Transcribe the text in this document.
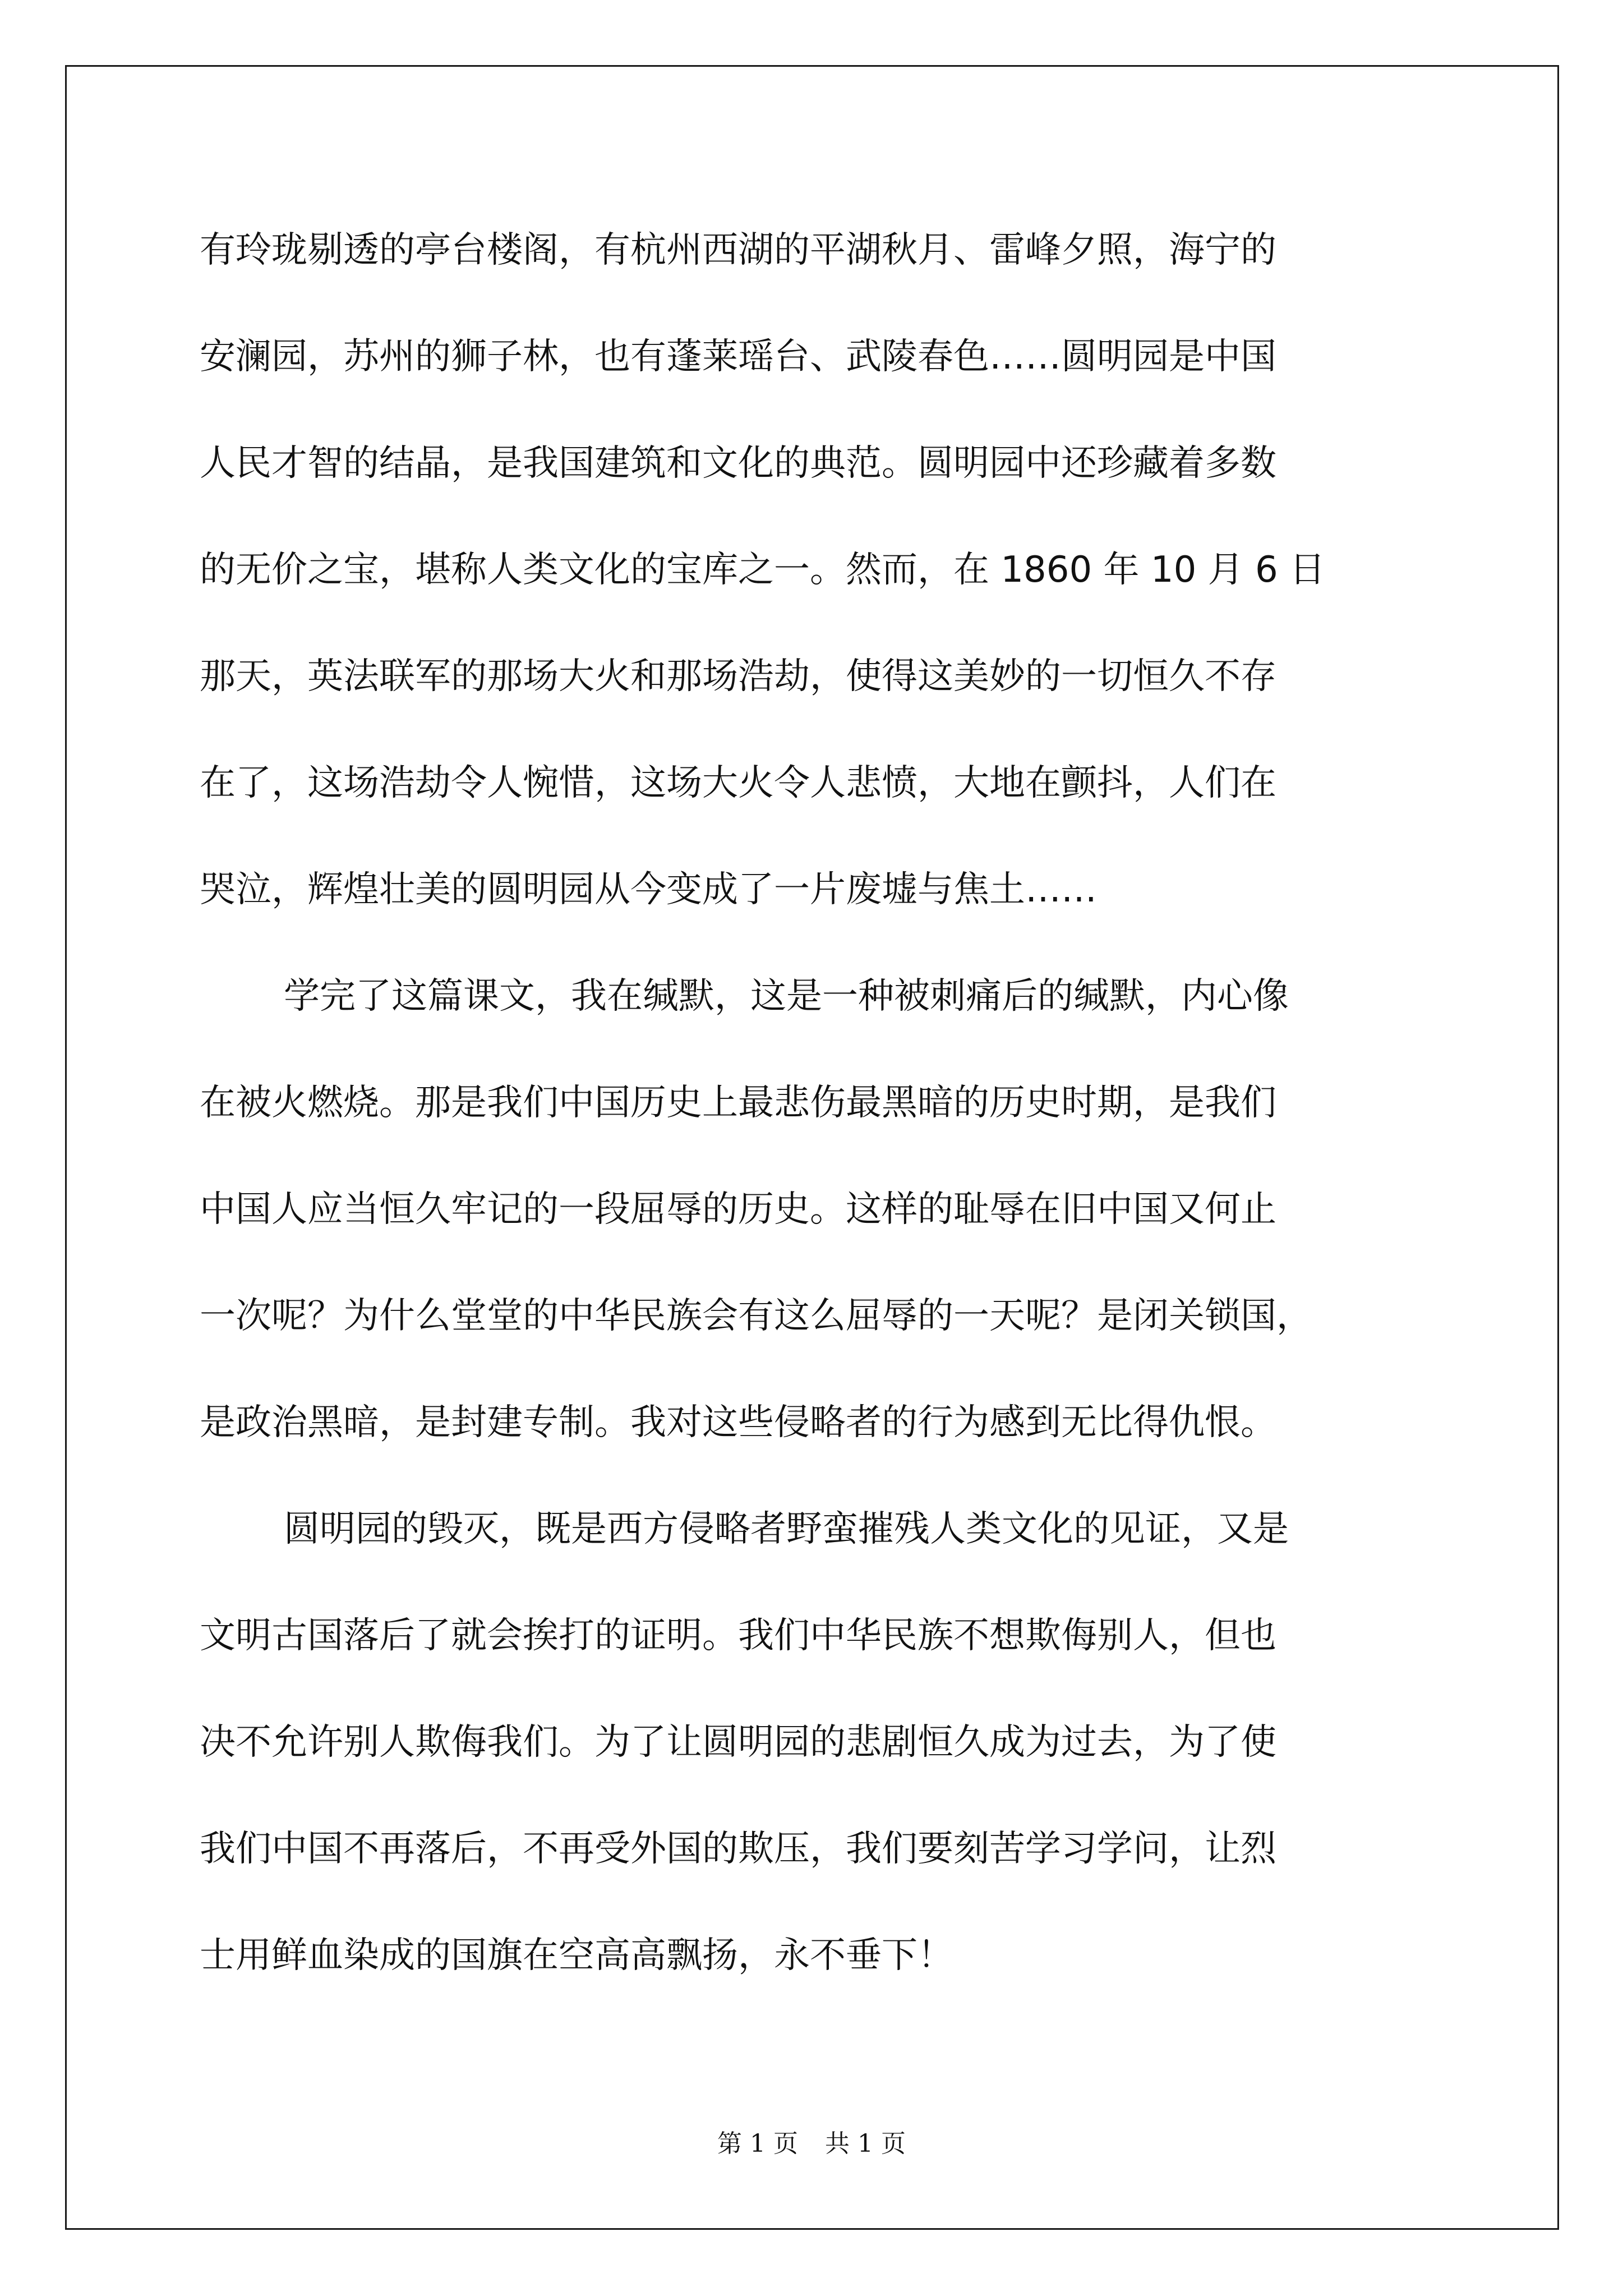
有玲珑剔透的亭台楼阁，有杭州西湖的平湖秋月、雷峰夕照，海宁的
安澜园，苏州的狮子林，也有蓬莱瑶台、武陵春色……圆明园是中国
人民才智的结晶，是我国建筑和文化的典范。圆明园中还珍藏着多数
的无价之宝，堪称人类文化的宝库之一。然而，在 1860 年 10 月 6 日
那天，英法联军的那场大火和那场浩劫，使得这美妙的一切恒久不存
在了，这场浩劫令人惋惜，这场大火令人悲愤，大地在颤抖，人们在
哭泣，辉煌壮美的圆明园从今变成了一片废墟与焦土……
学完了这篇课文，我在缄默，这是一种被刺痛后的缄默，内心像
在被火燃烧。那是我们中国历史上最悲伤最黑暗的历史时期，是我们
中国人应当恒久牢记的一段屈辱的历史。这样的耻辱在旧中国又何止
一次呢？为什么堂堂的中华民族会有这么屈辱的一天呢？是闭关锁国，
是政治黑暗，是封建专制。我对这些侵略者的行为感到无比得仇恨。
圆明园的毁灭，既是西方侵略者野蛮摧残人类文化的见证，又是
文明古国落后了就会挨打的证明。我们中华民族不想欺侮别人，但也
决不允许别人欺侮我们。为了让圆明园的悲剧恒久成为过去，为了使
我们中国不再落后，不再受外国的欺压，我们要刻苦学习学问，让烈
士用鲜血染成的国旗在空高高飘扬，永不垂下！
第 1 页 共 1 页
